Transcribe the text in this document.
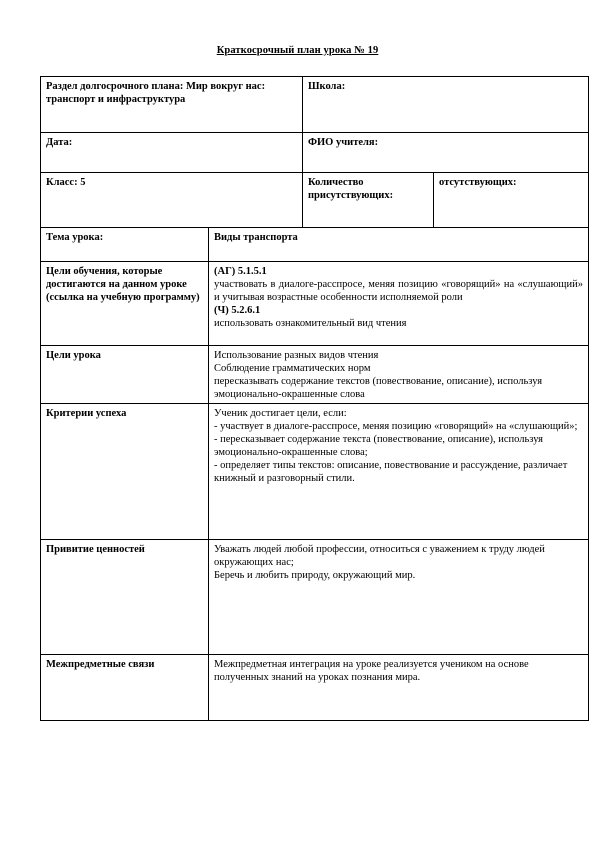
Краткосрочный план урока № 19
Раздел долгосрочного плана: Мир вокруг нас: транспорт и инфраструктура		Школа:	
Дата:		ФИО учителя:	
Класс: 5		Количество присутствующих:	отсутствующих:
Тема урока:	Виды транспорта		
Цели обучения, которые достигаются на данном уроке (ссылка на учебную программу)	(АГ) 5.1.5.1
участвовать в диалоге-расспросе, меняя позицию «говорящий» на «слушающий» и учитывая возрастные особенности исполняемой роли
(Ч) 5.2.6.1
использовать ознакомительный вид чтения		

Цели урока	Использование разных видов чтения
Соблюдение грамматических норм
пересказывать содержание текстов (повествование, описание), используя эмоционально-окрашенные слова		

Критерии успеха	Ученик достигает цели, если:
- участвует в диалоге-расспросе, меняя позицию «говорящий» на «слушающий»;
- пересказывает содержание текста (повествование, описание), используя эмоционально-окрашенные слова;
- определяет типы текстов: описание, повествование и рассуждение, различает книжный и разговорный стили.		

Привитие ценностей	Уважать людей любой профессии, относиться с уважением к труду людей окружающих нас;
Беречь и любить природу, окружающий мир.		

Межпредметные связи	Межпредметная интеграция на уроке реализуется учеником на основе полученных знаний на уроках познания мира.		
